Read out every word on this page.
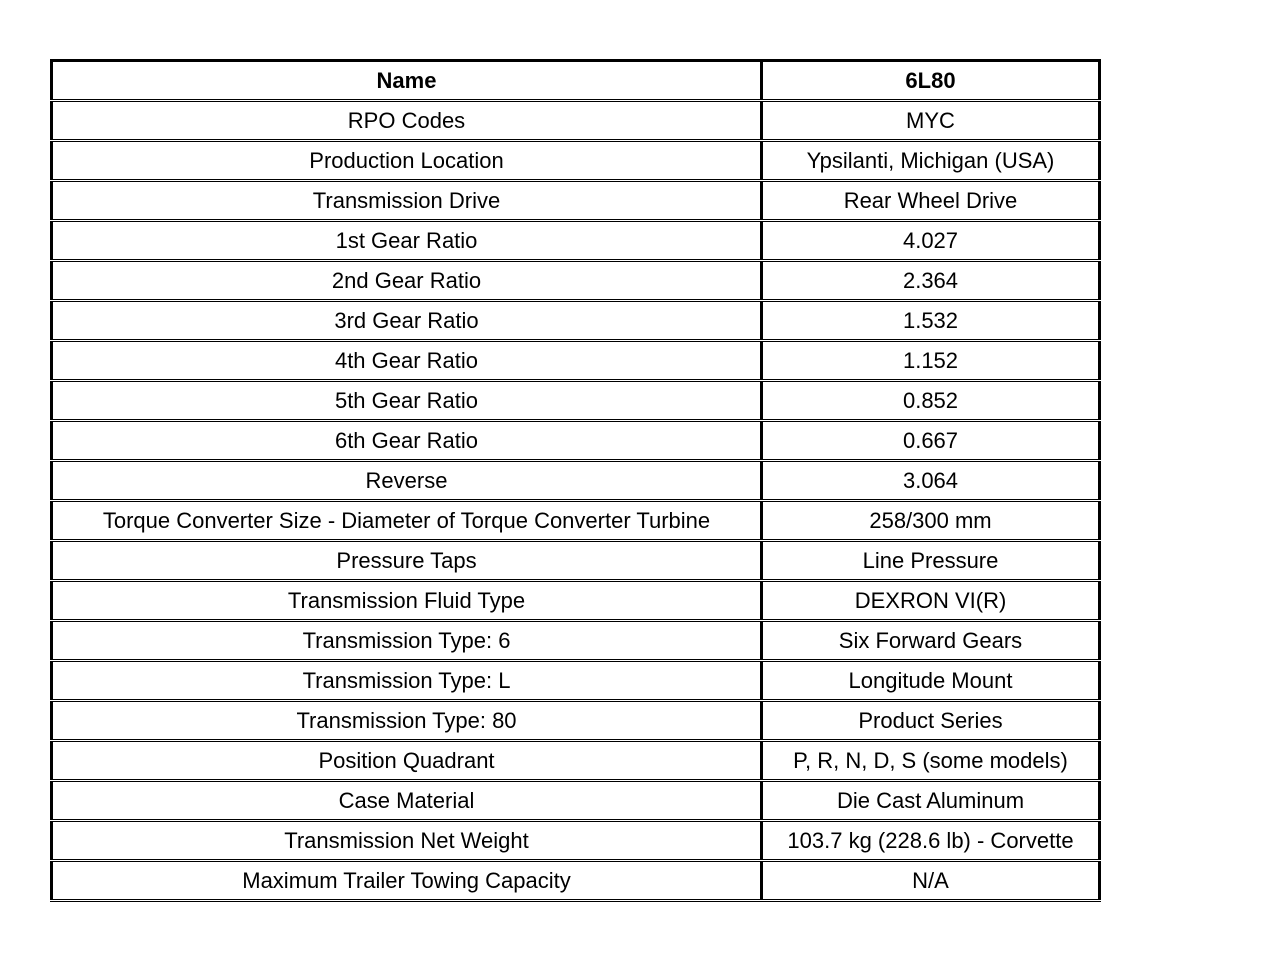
Name	6L80
RPO Codes	MYC
Production Location	Ypsilanti, Michigan (USA)
Transmission Drive	Rear Wheel Drive
1st Gear Ratio	4.027
2nd Gear Ratio	2.364
3rd Gear Ratio	1.532
4th Gear Ratio	1.152
5th Gear Ratio	0.852
6th Gear Ratio	0.667
Reverse	3.064
Torque Converter Size - Diameter of Torque Converter Turbine	258/300 mm
Pressure Taps	Line Pressure
Transmission Fluid Type	DEXRON VI(R)
Transmission Type: 6	Six Forward Gears
Transmission Type: L	Longitude Mount
Transmission Type: 80	Product Series
Position Quadrant	P, R, N, D, S (some models)
Case Material	Die Cast Aluminum
Transmission Net Weight	103.7 kg (228.6 lb) - Corvette
Maximum Trailer Towing Capacity	N/A
